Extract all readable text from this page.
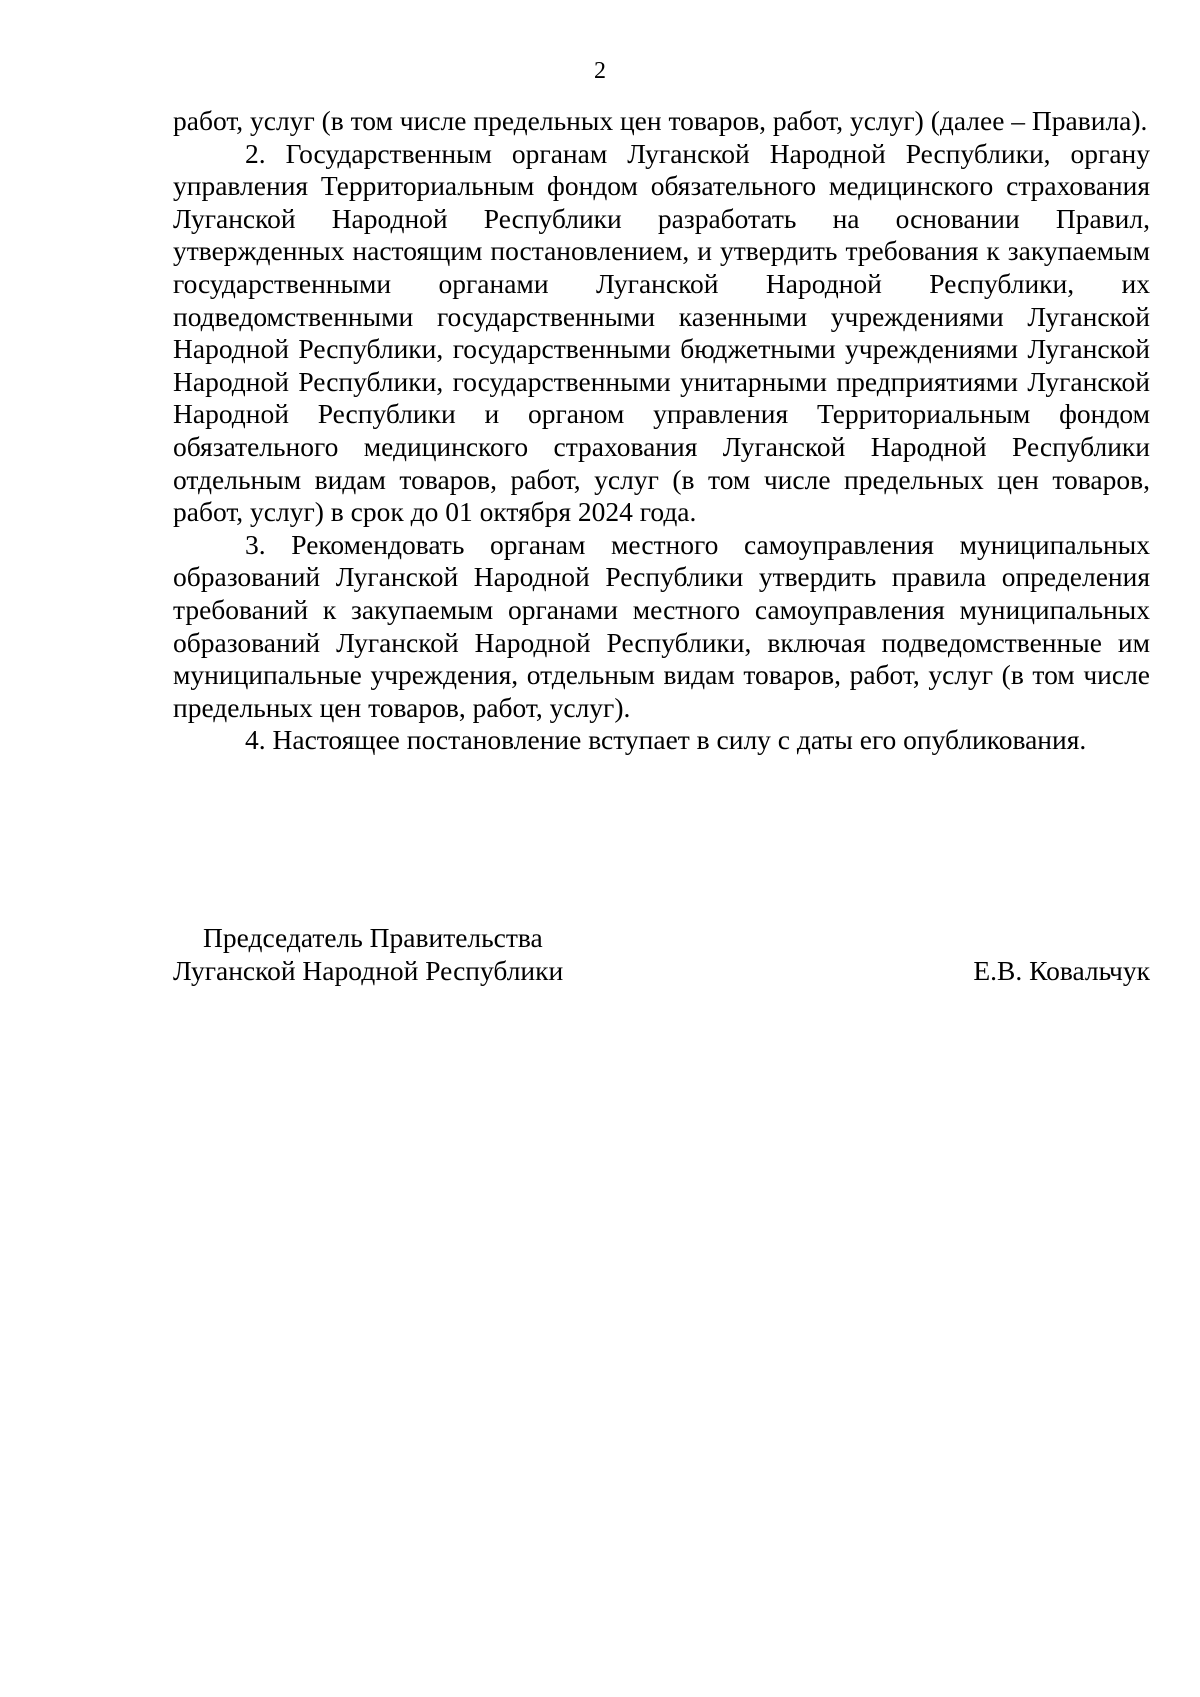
2

работ, услуг (в том числе предельных цен товаров, работ, услуг) (далее – Правила).

2. Государственным органам Луганской Народной Республики, органу управления Территориальным фондом обязательного медицинского страхования Луганской Народной Республики разработать на основании Правил, утвержденных настоящим постановлением, и утвердить требования к закупаемым государственными органами Луганской Народной Республики, их подведомственными государственными казенными учреждениями Луганской Народной Республики, государственными бюджетными учреждениями Луганской Народной Республики, государственными унитарными предприятиями Луганской Народной Республики и органом управления Территориальным фондом обязательного медицинского страхования Луганской Народной Республики отдельным видам товаров, работ, услуг (в том числе предельных цен товаров, работ, услуг) в срок до 01 октября 2024 года.

3. Рекомендовать органам местного самоуправления муниципальных образований Луганской Народной Республики утвердить правила определения требований к закупаемым органами местного самоуправления муниципальных образований Луганской Народной Республики, включая подведомственные им муниципальные учреждения, отдельным видам товаров, работ, услуг (в том числе предельных цен товаров, работ, услуг).

4. Настоящее постановление вступает в силу с даты его опубликования.

Председатель Правительства
Луганской Народной Республики	Е.В. Ковальчук
